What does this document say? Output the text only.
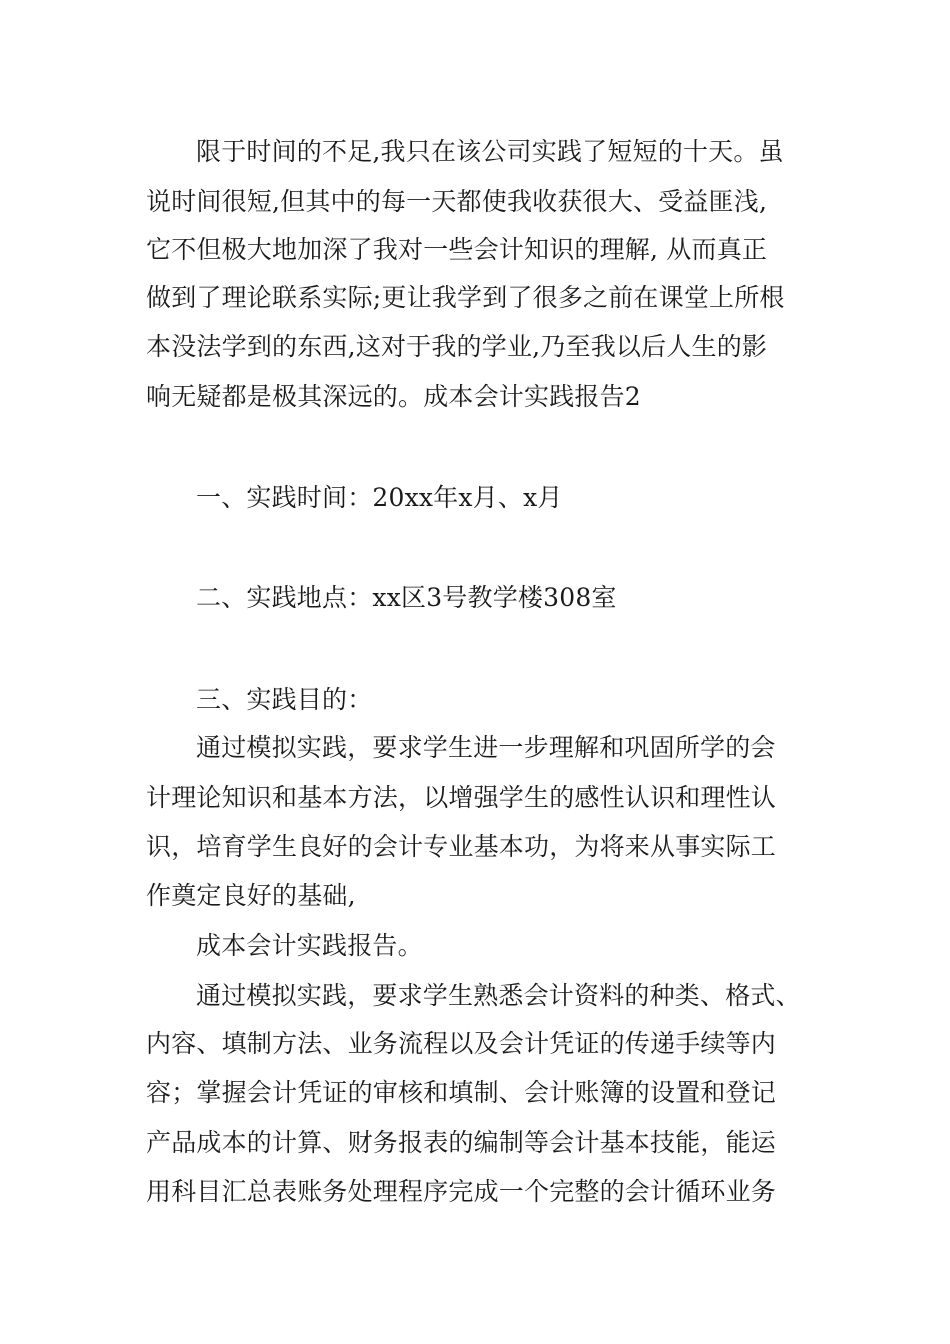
限于时间的不足,我只在该公司实践了短短的十天。虽

说时间很短,但其中的每一天都使我收获很大、受益匪浅,

它不但极大地加深了我对一些会计知识的理解, 从而真正

做到了理论联系实际;更让我学到了很多之前在课堂上所根

本没法学到的东西,这对于我的学业,乃至我以后人生的影

响无疑都是极其深远的。成本会计实践报告2

一、实践时间：20xx年x月、x月

二、实践地点：xx区3号教学楼308室

三、实践目的：

通过模拟实践，要求学生进一步理解和巩固所学的会

计理论知识和基本方法，以增强学生的感性认识和理性认

识，培育学生良好的会计专业基本功，为将来从事实际工

作奠定良好的基础,

成本会计实践报告。

通过模拟实践，要求学生熟悉会计资料的种类、格式、

内容、填制方法、业务流程以及会计凭证的传递手续等内

容；掌握会计凭证的审核和填制、会计账簿的设置和登记

产品成本的计算、财务报表的编制等会计基本技能，能运

用科目汇总表账务处理程序完成一个完整的会计循环业务
